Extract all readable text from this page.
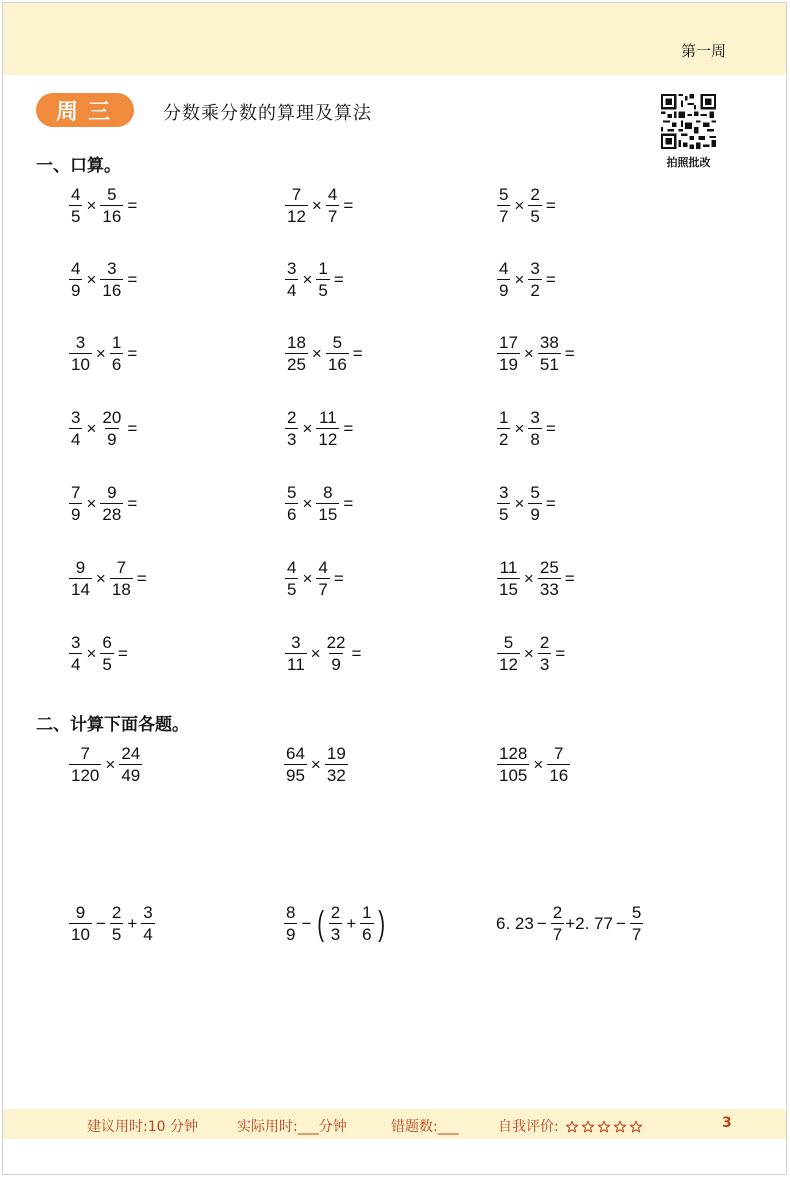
第一周
周三	分数乘分数的算理及算法
拍照批改
一、口算。
$\frac{4}{5} \times \frac{5}{16}$ =	$\frac{7}{12} \times \frac{4}{7}$ =	$\frac{5}{7} \times \frac{2}{5}$ =
$\frac{4}{9} \times \frac{3}{16}$ =	$\frac{3}{4} \times \frac{1}{5}$ =	$\frac{4}{9} \times \frac{3}{2}$ =
$\frac{3}{10} \times \frac{1}{6}$ =	$\frac{18}{25} \times \frac{5}{16}$ =	$\frac{17}{19} \times \frac{38}{51}$ =
$\frac{3}{4} \times \frac{20}{9}$ =	$\frac{2}{3} \times \frac{11}{12}$ =	$\frac{1}{2} \times \frac{3}{8}$ =
$\frac{7}{9} \times \frac{9}{28}$ =	$\frac{5}{6} \times \frac{8}{15}$ =	$\frac{3}{5} \times \frac{5}{9}$ =
$\frac{9}{14} \times \frac{7}{18}$ =	$\frac{4}{5} \times \frac{4}{7}$ =	$\frac{11}{15} \times \frac{25}{33}$ =
$\frac{3}{4} \times \frac{6}{5}$ =	$\frac{3}{11} \times \frac{22}{9}$ =	$\frac{5}{12} \times \frac{2}{3}$ =
二、计算下面各题。
$\frac{7}{120} \times \frac{24}{49}$	$\frac{64}{95} \times \frac{19}{32}$	$\frac{128}{105} \times \frac{7}{16}$
$\frac{9}{10} - \frac{2}{5} + \frac{3}{4}$	$\frac{8}{9}$ − ( $\frac{2}{3} + \frac{1}{6}$ )	6. $23 - \frac{2}{7} +2$. $77 - \frac{5}{7}$
建议用时:10 分钟	实际用时:___分钟	错题数:___	自我评价:	3
